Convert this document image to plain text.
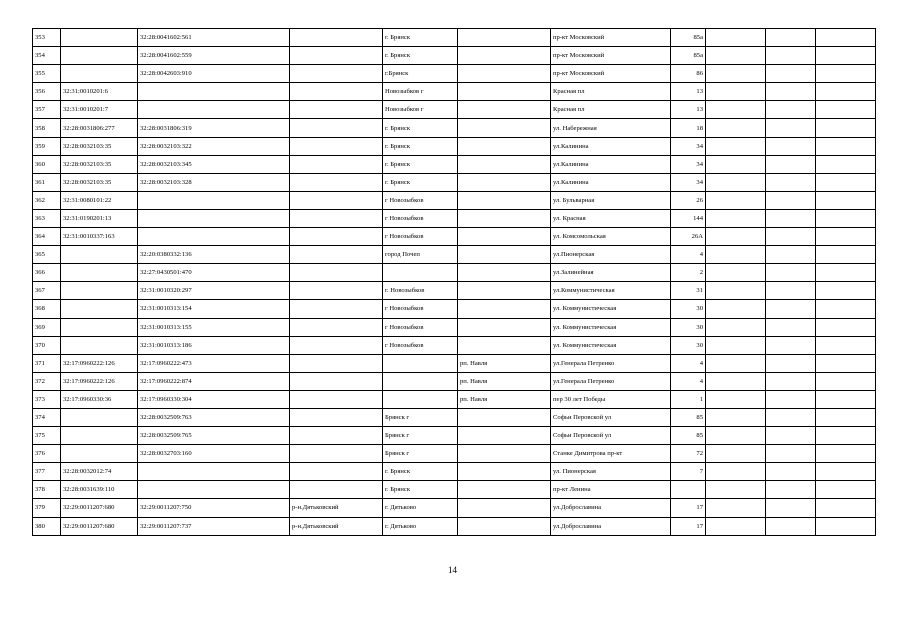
353		32:28:0041602:561			г. Брянск			пр-кт Московский	85а			
354		32:28:0041602:559			г. Брянск			пр-кт Московский	85а			
355		32:28:0042603:910			г.Брянск			пр-кт Московский	86			
356	32:31:0010201:6				Новозыбков г			Красная пл	13			
357	32:31:0010201:7				Новозыбков г			Красная пл	13			
358	32:28:0031806:277	32:28:0031806:319			г. Брянск			ул. Набережная	18			
359	32:28:0032103:35	32:28:0032103:322			г. Брянск			ул.Калинина	34			
360	32:28:0032103:35	32:28:0032103:345			г. Брянск			ул.Калинина	34			
361	32:28:0032103:35	32:28:0032103:328			г. Брянск			ул.Калинина	34			
362	32:31:0080101:22				г Новозыбков			ул. Бульварная	26			
363	32:31:0190201:13				г Новозыбков			ул. Красная	144			
364	32:31:0010337:163				г Новозыбков			ул. Комсомольская	26А			
365		32:20:0380332:136			город Почеп			ул.Пионерская	4			
366		32:27:0430501:470						ул.Залинейная	2			
367		32:31:0010320:297			г. Новозыбков			ул.Коммунистическая	31			
368		32:31:0010313:154			г Новозыбков			ул. Коммунистическая	30			
369		32:31:0010313:155			г Новозыбков			ул. Коммунистическая	30			
370		32:31:0010313:186			г Новозыбков			ул. Коммунистическая	30			
371	32:17:0960222:126	32:17:0960222:473				рп. Навля		ул.Генерала Петренко	4			
372	32:17:0960222:126	32:17:0960222:874				рп. Навля		ул.Генерала Петренко	4			
373	32:17:0960330:36	32:17:0960330:304				рп. Навля		пер 30 лет Победы	1			
374		32:28:0032509:763			Брянск г			Софьи Перовской ул	85			
375		32:28:0032509:765			Брянск г			Софьи Перовской ул	85			
376		32:28:0032703:160			Брянск г			Станке Димитрова пр-кт	72			
377	32:28:0032012:74				г. Брянск			ул. Пионерская	7			
378	32:28:0031639:110				г. Брянск			пр-кт Ленина				
379	32:29:0011207:680	32:29:0011207:750		р-н.Дятьковский	г. Дятьково			ул.Доброславина	17			
380	32:29:0011207:680	32:29:0011207:737		р-н.Дятьковский	г. Дятьково			ул.Доброславина	17			
14
